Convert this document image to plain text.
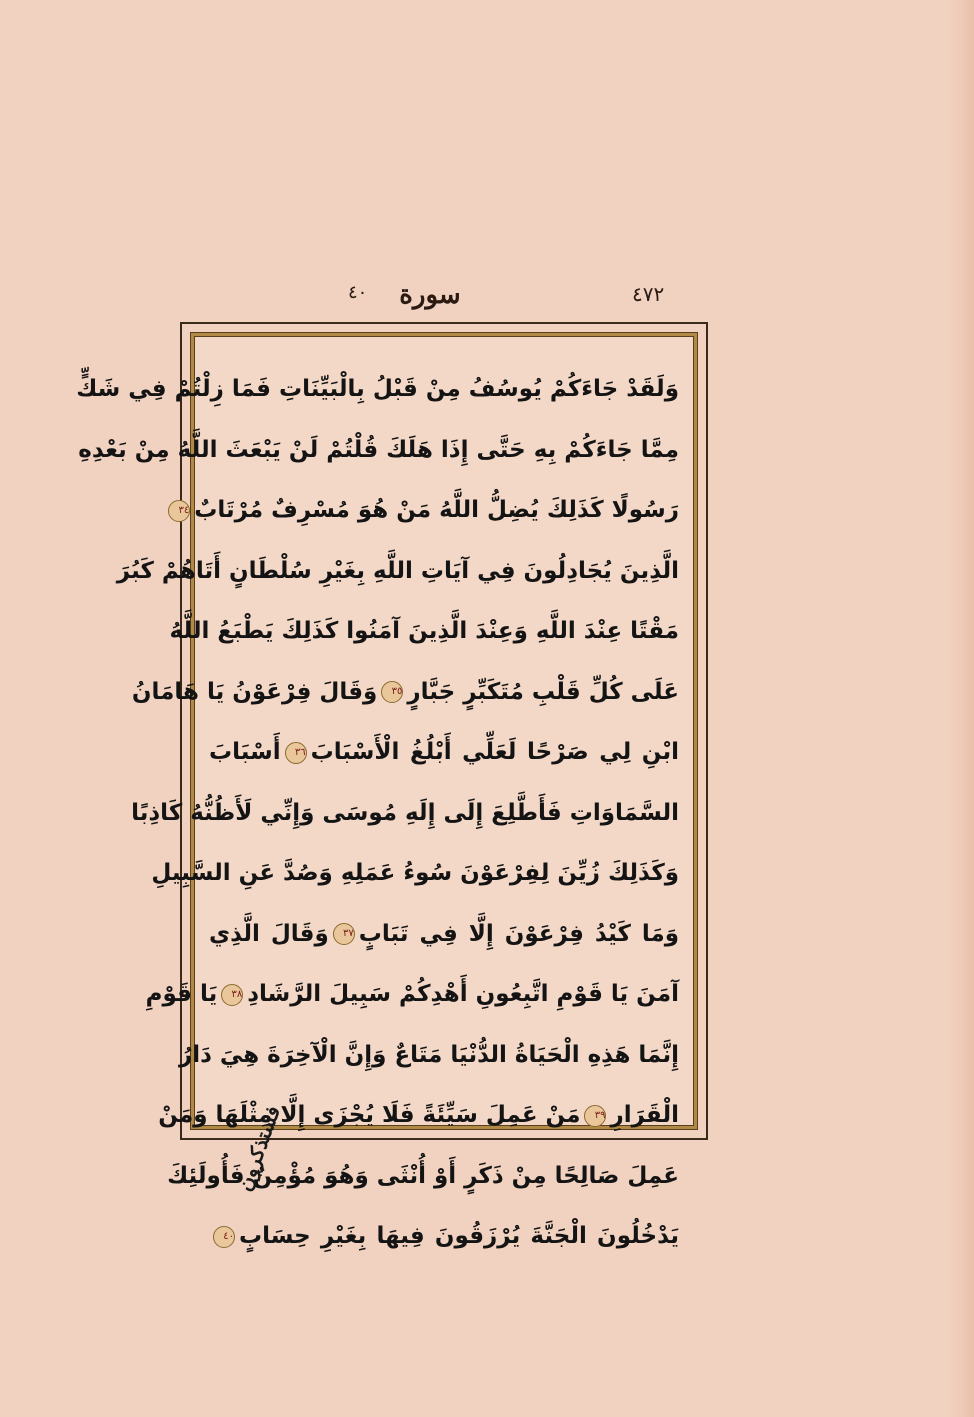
٤٠	سورة	٤٧٢
وَلَقَدْ جَاءَكُمْ يُوسُفُ مِنْ قَبْلُ بِالْبَيِّنَاتِ فَمَا زِلْتُمْ فِي شَكٍّ
مِمَّا جَاءَكُمْ بِهِ حَتَّى إِذَا هَلَكَ قُلْتُمْ لَنْ يَبْعَثَ اللَّهُ مِنْ بَعْدِهِ
رَسُولًا كَذَلِكَ يُضِلُّ اللَّهُ مَنْ هُوَ مُسْرِفٌ مُرْتَابٌ٣٤
الَّذِينَ يُجَادِلُونَ فِي آيَاتِ اللَّهِ بِغَيْرِ سُلْطَانٍ أَتَاهُمْ كَبُرَ
مَقْتًا عِنْدَ اللَّهِ وَعِنْدَ الَّذِينَ آمَنُوا كَذَلِكَ يَطْبَعُ اللَّهُ
عَلَى كُلِّ قَلْبِ مُتَكَبِّرٍ جَبَّارٍ٣٥وَقَالَ فِرْعَوْنُ يَا هَامَانُ
ابْنِ لِي صَرْحًا لَعَلِّي أَبْلُغُ الْأَسْبَابَ٣٦أَسْبَابَ
السَّمَاوَاتِ فَأَطَّلِعَ إِلَى إِلَهِ مُوسَى وَإِنِّي لَأَظُنُّهُ كَاذِبًا
وَكَذَلِكَ زُيِّنَ لِفِرْعَوْنَ سُوءُ عَمَلِهِ وَصُدَّ عَنِ السَّبِيلِ
وَمَا كَيْدُ فِرْعَوْنَ إِلَّا فِي تَبَابٍ٣٧وَقَالَ الَّذِي
آمَنَ يَا قَوْمِ اتَّبِعُونِ أَهْدِكُمْ سَبِيلَ الرَّشَادِ٣٨يَا قَوْمِ
إِنَّمَا هَذِهِ الْحَيَاةُ الدُّنْيَا مَتَاعٌ وَإِنَّ الْآخِرَةَ هِيَ دَارُ
الْقَرَارِ٣٩مَنْ عَمِلَ سَيِّئَةً فَلَا يُجْزَى إِلَّا مِثْلَهَا وَمَنْ
عَمِلَ صَالِحًا مِنْ ذَكَرٍ أَوْ أُنْثَى وَهُوَ مُؤْمِنٌ فَأُولَئِكَ
يَدْخُلُونَ الْجَنَّةَ يُرْزَقُونَ فِيهَا بِغَيْرِ حِسَابٍ٤٠
فستذكرون
